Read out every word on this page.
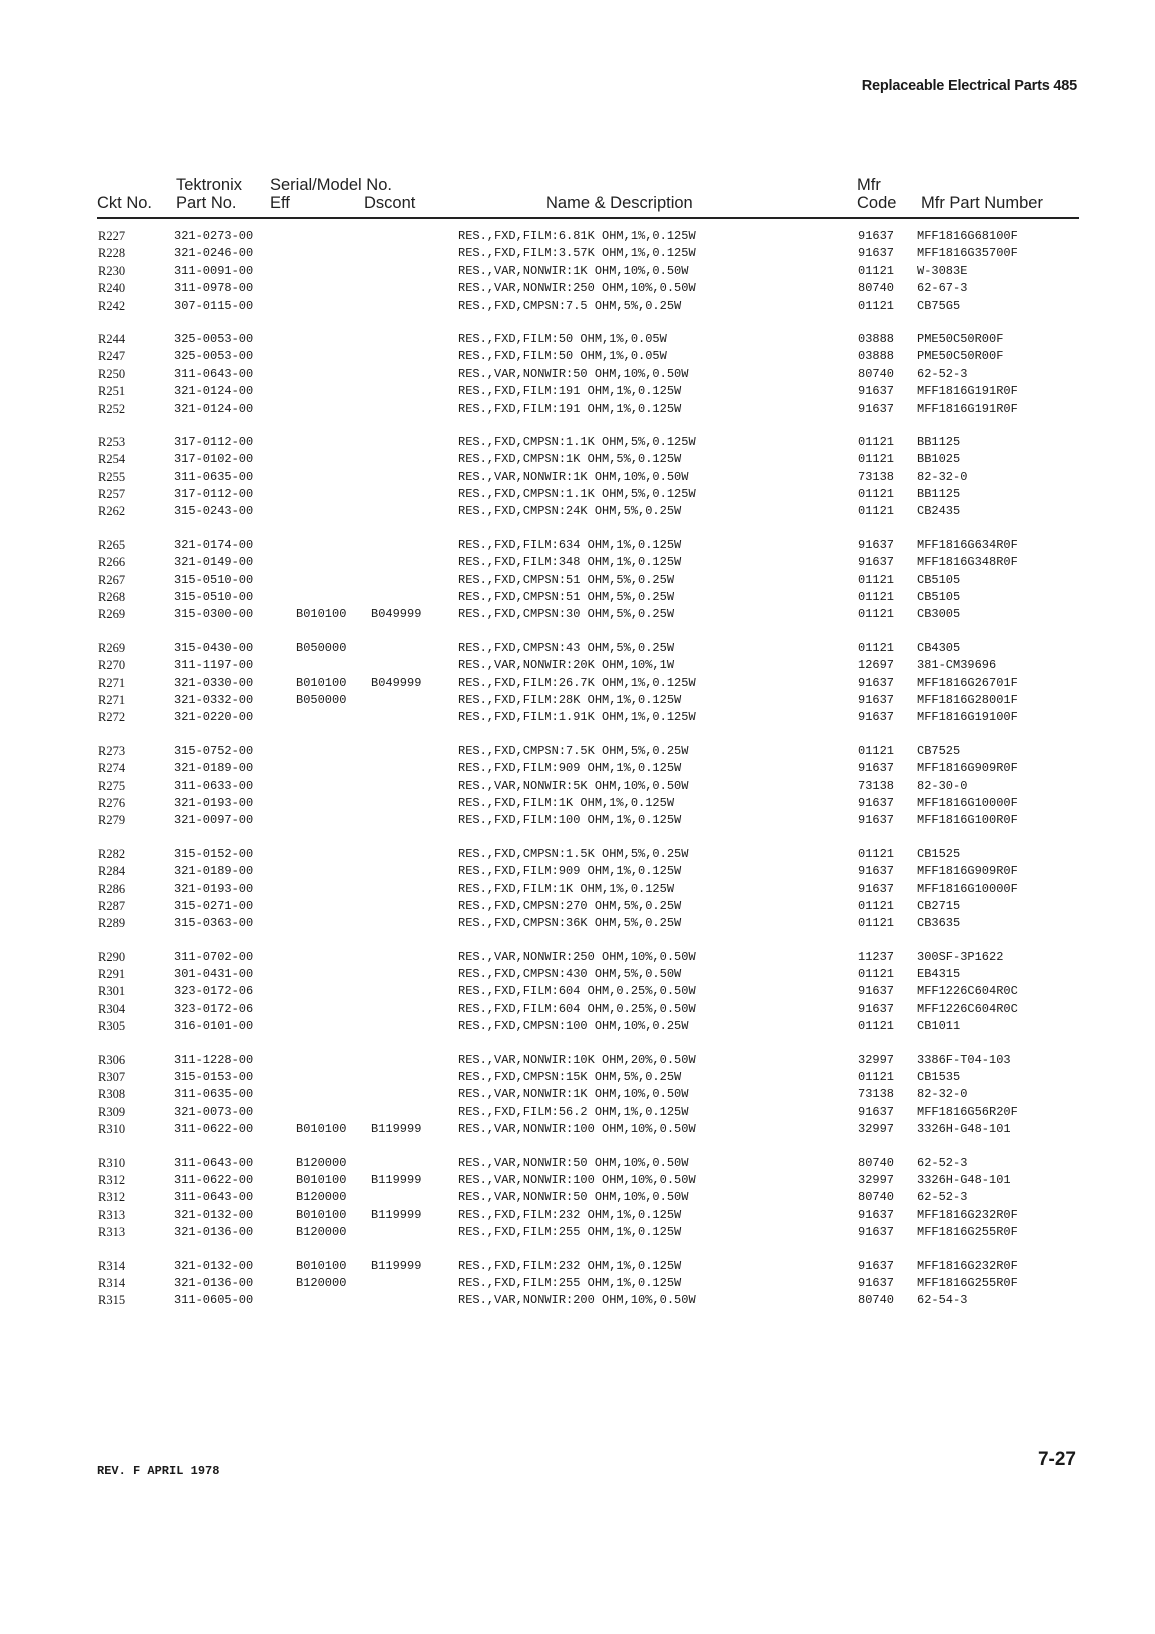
Replaceable Electrical Parts 485
Ckt No.
Tektronix
Part No.
Serial/Model No.
Eff	Dscont	Name & Description
Mfr
Code Mfr Part Number
R227	321-0273-00	RES.,FXD,FILM:6.81K OHM,1%,0.125W	91637 MFF1816G68100F
R228	321-0246-00	RES.,FXD,FILM:3.57K OHM,1%,0.125W	91637 MFF1816G35700F
R230	311-0091-00	RES.,VAR,NONWIR:1K OHM,10%,0.50W	01121 W-3083E
R240	311-0978-00	RES.,VAR,NONWIR:250 OHM,10%,0.50W	80740 62-67-3
R242	307-0115-00	RES.,FXD,CMPSN:7.5 OHM,5%,0.25W	01121 CB75G5
R244	325-0053-00	RES.,FXD,FILM:50 OHM,1%,0.05W	03888 PME50C50R00F
R247	325-0053-00	RES.,FXD,FILM:50 OHM,1%,0.05W	03888 PME50C50R00F
R250	311-0643-00	RES.,VAR,NONWIR:50 OHM,10%,0.50W	80740 62-52-3
R251	321-0124-00	RES.,FXD,FILM:191 OHM,1%,0.125W	91637 MFF1816G191R0F
R252	321-0124-00	RES.,FXD,FILM:191 OHM,1%,0.125W	91637 MFF1816G191R0F
R253	317-0112-00	RES.,FXD,CMPSN:1.1K OHM,5%,0.125W	01121 BB1125
R254	317-0102-00	RES.,FXD,CMPSN:1K OHM,5%,0.125W	01121 BB1025
R255	311-0635-00	RES.,VAR,NONWIR:1K OHM,10%,0.50W	73138 82-32-0
R257	317-0112-00	RES.,FXD,CMPSN:1.1K OHM,5%,0.125W	01121 BB1125
R262	315-0243-00	RES.,FXD,CMPSN:24K OHM,5%,0.25W	01121 CB2435
R265	321-0174-00	RES.,FXD,FILM:634 OHM,1%,0.125W	91637 MFF1816G634R0F
R266	321-0149-00	RES.,FXD,FILM:348 OHM,1%,0.125W	91637 MFF1816G348R0F
R267	315-0510-00	RES.,FXD,CMPSN:51 OHM,5%,0.25W	01121 CB5105
R268	315-0510-00	RES.,FXD,CMPSN:51 OHM,5%,0.25W	01121 CB5105
R269	315-0300-00	B010100 B049999	RES.,FXD,CMPSN:30 OHM,5%,0.25W	01121 CB3005
R269	315-0430-00	B050000	RES.,FXD,CMPSN:43 OHM,5%,0.25W	01121 CB4305
R270	311-1197-00	RES.,VAR,NONWIR:20K OHM,10%,1W	12697 381-CM39696
R271	321-0330-00	B010100 B049999	RES.,FXD,FILM:26.7K OHM,1%,0.125W	91637 MFF1816G26701F
R271	321-0332-00	B050000	RES.,FXD,FILM:28K OHM,1%,0.125W	91637 MFF1816G28001F
R272	321-0220-00	RES.,FXD,FILM:1.91K OHM,1%,0.125W	91637 MFF1816G19100F
R273	315-0752-00	RES.,FXD,CMPSN:7.5K OHM,5%,0.25W	01121 CB7525
R274	321-0189-00	RES.,FXD,FILM:909 OHM,1%,0.125W	91637 MFF1816G909R0F
R275	311-0633-00	RES.,VAR,NONWIR:5K OHM,10%,0.50W	73138 82-30-0
R276	321-0193-00	RES.,FXD,FILM:1K OHM,1%,0.125W	91637 MFF1816G10000F
R279	321-0097-00	RES.,FXD,FILM:100 OHM,1%,0.125W	91637 MFF1816G100R0F
R282	315-0152-00	RES.,FXD,CMPSN:1.5K OHM,5%,0.25W	01121 CB1525
R284	321-0189-00	RES.,FXD,FILM:909 OHM,1%,0.125W	91637 MFF1816G909R0F
R286	321-0193-00	RES.,FXD,FILM:1K OHM,1%,0.125W	91637 MFF1816G10000F
R287	315-0271-00	RES.,FXD,CMPSN:270 OHM,5%,0.25W	01121 CB2715
R289	315-0363-00	RES.,FXD,CMPSN:36K OHM,5%,0.25W	01121 CB3635
R290	311-0702-00	RES.,VAR,NONWIR:250 OHM,10%,0.50W	11237 300SF-3P1622
R291	301-0431-00	RES.,FXD,CMPSN:430 OHM,5%,0.50W	01121 EB4315
R301	323-0172-06	RES.,FXD,FILM:604 OHM,0.25%,0.50W	91637 MFF1226C604R0C
R304	323-0172-06	RES.,FXD,FILM:604 OHM,0.25%,0.50W	91637 MFF1226C604R0C
R305	316-0101-00	RES.,FXD,CMPSN:100 OHM,10%,0.25W	01121 CB1011
R306	311-1228-00	RES.,VAR,NONWIR:10K OHM,20%,0.50W	32997 3386F-T04-103
R307	315-0153-00	RES.,FXD,CMPSN:15K OHM,5%,0.25W	01121 CB1535
R308	311-0635-00	RES.,VAR,NONWIR:1K OHM,10%,0.50W	73138 82-32-0
R309	321-0073-00	RES.,FXD,FILM:56.2 OHM,1%,0.125W	91637 MFF1816G56R20F
R310	311-0622-00	B010100 B119999	RES.,VAR,NONWIR:100 OHM,10%,0.50W	32997 3326H-G48-101
R310	311-0643-00	B120000	RES.,VAR,NONWIR:50 OHM,10%,0.50W	80740 62-52-3
R312	311-0622-00	B010100 B119999	RES.,VAR,NONWIR:100 OHM,10%,0.50W	32997 3326H-G48-101
R312	311-0643-00	B120000	RES.,VAR,NONWIR:50 OHM,10%,0.50W	80740 62-52-3
R313	321-0132-00	B010100 B119999	RES.,FXD,FILM:232 OHM,1%,0.125W	91637 MFF1816G232R0F
R313	321-0136-00	B120000	RES.,FXD,FILM:255 OHM,1%,0.125W	91637 MFF1816G255R0F
R314	321-0132-00	B010100 B119999	RES.,FXD,FILM:232 OHM,1%,0.125W	91637 MFF1816G232R0F
R314	321-0136-00	B120000	RES.,FXD,FILM:255 OHM,1%,0.125W	91637 MFF1816G255R0F
R315	311-0605-00	RES.,VAR,NONWIR:200 OHM,10%,0.50W	80740 62-54-3
REV. F APRIL 1978
7-27
